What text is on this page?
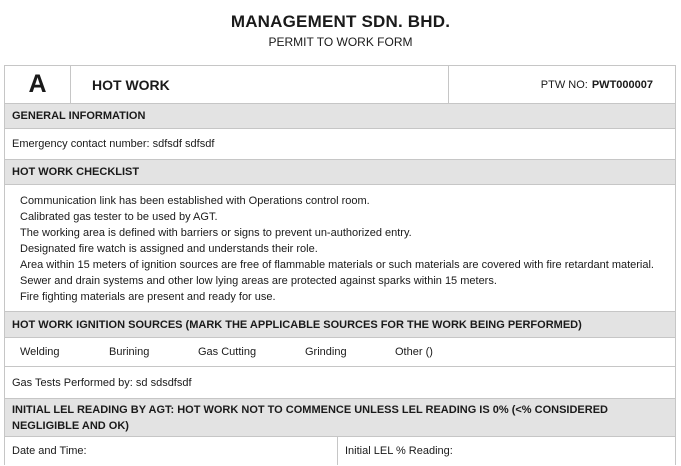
MANAGEMENT SDN. BHD.
PERMIT TO WORK FORM
A	HOT WORK	PTW NO: PWT000007
GENERAL INFORMATION
Emergency contact number: sdfsdf sdfsdf
HOT WORK CHECKLIST
Communication link has been established with Operations control room.
Calibrated gas tester to be used by AGT.
The working area is defined with barriers or signs to prevent un-authorized entry.
Designated fire watch is assigned and understands their role.
Area within 15 meters of ignition sources are free of flammable materials or such materials are covered with fire retardant material.
Sewer and drain systems and other low lying areas are protected against sparks within 15 meters.
Fire fighting materials are present and ready for use.
HOT WORK IGNITION SOURCES (MARK THE APPLICABLE SOURCES FOR THE WORK BEING PERFORMED)
Welding	Burining	Gas Cutting	Grinding	Other ()
Gas Tests Performed by: sd sdsdfsdf
INITIAL LEL READING BY AGT: HOT WORK NOT TO COMMENCE UNLESS LEL READING IS 0% (<% CONSIDERED NEGLIGIBLE AND OK)
Date and Time:	Initial LEL % Reading:
